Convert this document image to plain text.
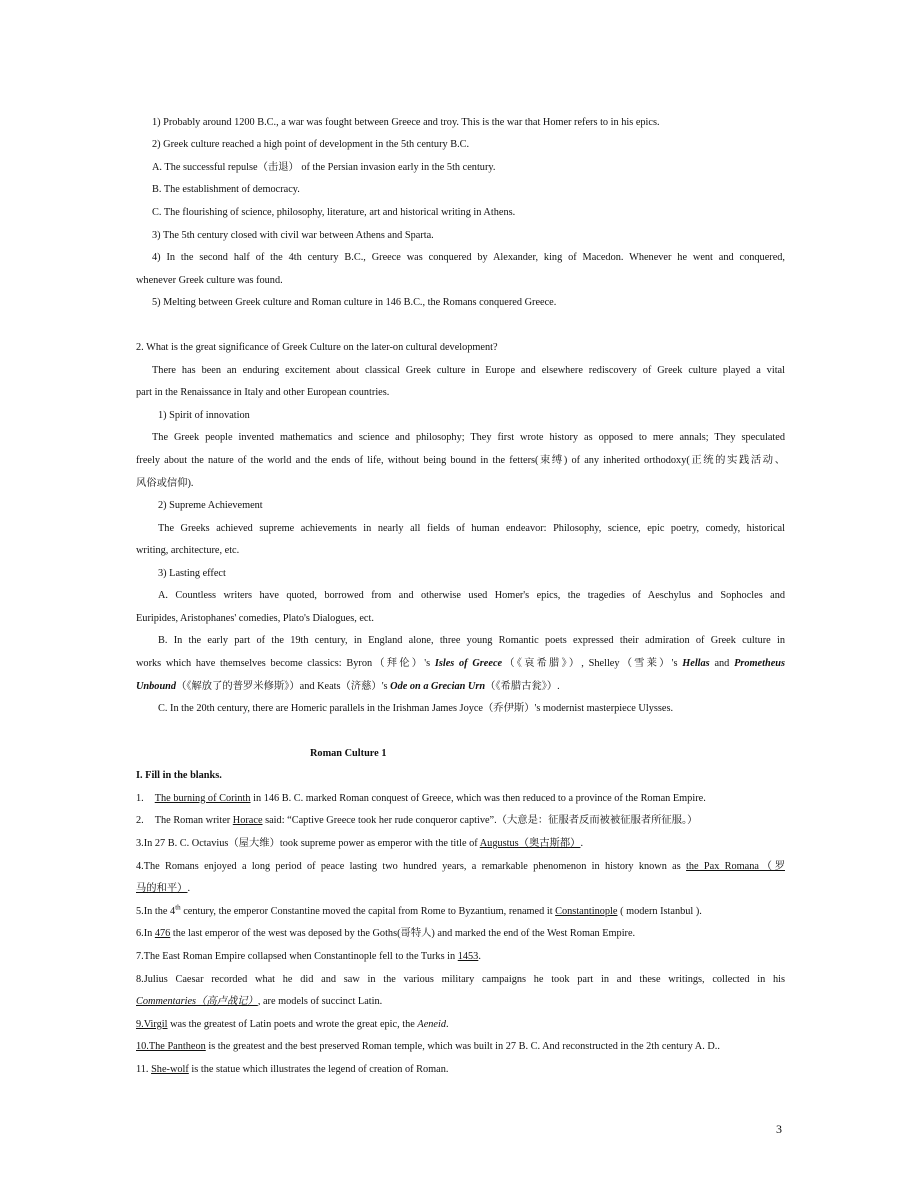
1) Probably around 1200 B.C., a war was fought between Greece and troy. This is the war that Homer refers to in his epics.
2) Greek culture reached a high point of development in the 5th century B.C.
A. The successful repulse（击退） of the Persian invasion early in the 5th century.
B. The establishment of democracy.
C. The flourishing of science, philosophy, literature, art and historical writing in Athens.
3) The 5th century closed with civil war between Athens and Sparta.
4) In the second half of the 4th century B.C., Greece was conquered by Alexander, king of Macedon. Whenever he went and conquered,
whenever Greek culture was found.
5) Melting between Greek culture and Roman culture in 146 B.C., the Romans conquered Greece.
2. What is the great significance of Greek Culture on the later-on cultural development?
There has been an enduring excitement about classical Greek culture in Europe and elsewhere rediscovery of Greek culture played a vital
part in the Renaissance in Italy and other European countries.
1) Spirit of innovation
The Greek people invented mathematics and science and philosophy; They first wrote history as opposed to mere annals; They speculated
freely about the nature of the world and the ends of life, without being bound in the fetters(束缚) of any inherited orthodoxy(正统的实践活动、
风俗或信仰).
2) Supreme Achievement
The Greeks achieved supreme achievements in nearly all fields of human endeavor: Philosophy, science, epic poetry, comedy, historical
writing, architecture, etc.
3) Lasting effect
A. Countless writers have quoted, borrowed from and otherwise used Homer's epics, the tragedies of Aeschylus and Sophocles and
Euripides, Aristophanes' comedies, Plato's Dialogues, ect.
B. In the early part of the 19th century, in England alone, three young Romantic poets expressed their admiration of Greek culture in
works which have themselves become classics: Byron（拜伦）'s Isles of Greece（《哀希腊》）, Shelley（雪莱）'s Hellas and Prometheus
Unbound（《解放了的普罗米修斯》）and Keats（济慈）'s Ode on a Grecian Urn（《希腊古瓮》）.
C. In the 20th century, there are Homeric parallels in the Irishman James Joyce（乔伊斯）'s modernist masterpiece Ulysses.
Roman Culture 1
I. Fill in the blanks.
1. The burning of Corinth in 146 B. C. marked Roman conquest of Greece, which was then reduced to a province of the Roman Empire.
2. The Roman writer Horace said: “Captive Greece took her rude conqueror captive”.（大意是：征服者反而被被征服者所征服。）
3.In 27 B. C. Octavius（屋大维）took supreme power as emperor with the title of Augustus（奥古斯都）.
4.The Romans enjoyed a long period of peace lasting two hundred years, a remarkable phenomenon in history known as the Pax Romana（罗
马的和平）.
5.In the 4th century, the emperor Constantine moved the capital from Rome to Byzantium, renamed it Constantinople ( modern Istanbul ).
6.In 476 the last emperor of the west was deposed by the Goths(哥特人) and marked the end of the West Roman Empire.
7.The East Roman Empire collapsed when Constantinople fell to the Turks in 1453.
8.Julius Caesar recorded what he did and saw in the various military campaigns he took part in and these writings, collected in his
Commentaries（高卢战记）, are models of succinct Latin.
9.Virgil was the greatest of Latin poets and wrote the great epic, the Aeneid.
10.The Pantheon is the greatest and the best preserved Roman temple, which was built in 27 B. C. And reconstructed in the 2th century A. D..
11. She-wolf is the statue which illustrates the legend of creation of Roman.
3
